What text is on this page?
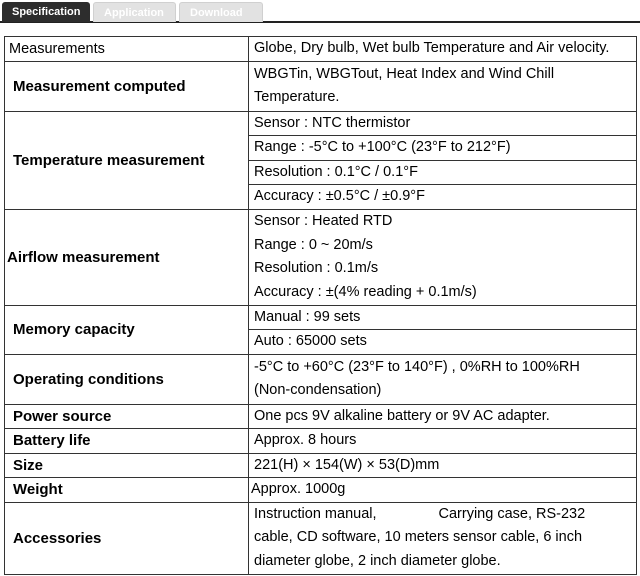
Specification	Application	Download
Measurements	Globe, Dry bulb, Wet bulb Temperature and Air velocity.
Measurement computed	WBGTin, WBGTout, Heat Index and Wind Chill
Temperature.

Temperature measurement	Sensor : NTC thermistor
	Range : -5°C to +100°C (23°F to 212°F)
	Resolution : 0.1°C / 0.1°F
	Accuracy : ±0.5°C / ±0.9°F
Airflow measurement	Sensor : Heated RTD
Range : 0 ~ 20m/s
Resolution : 0.1m/s
Accuracy : ±(4% reading + 0.1m/s)

Memory capacity	Manual : 99 sets
	Auto : 65000 sets
Operating conditions	-5°C to +60°C (23°F to 140°F) , 0%RH to 100%RH
(Non-condensation)

Power source	One pcs 9V alkaline battery or 9V AC adapter.
Battery life	Approx. 8 hours
Size	221(H) × 154(W) × 53(D)mm
Weight	Approx. 1000g
Accessories	Instruction manual, Carrying case, RS-232
cable, CD software, 10 meters sensor cable, 6 inch
diameter globe, 2 inch diameter globe.
